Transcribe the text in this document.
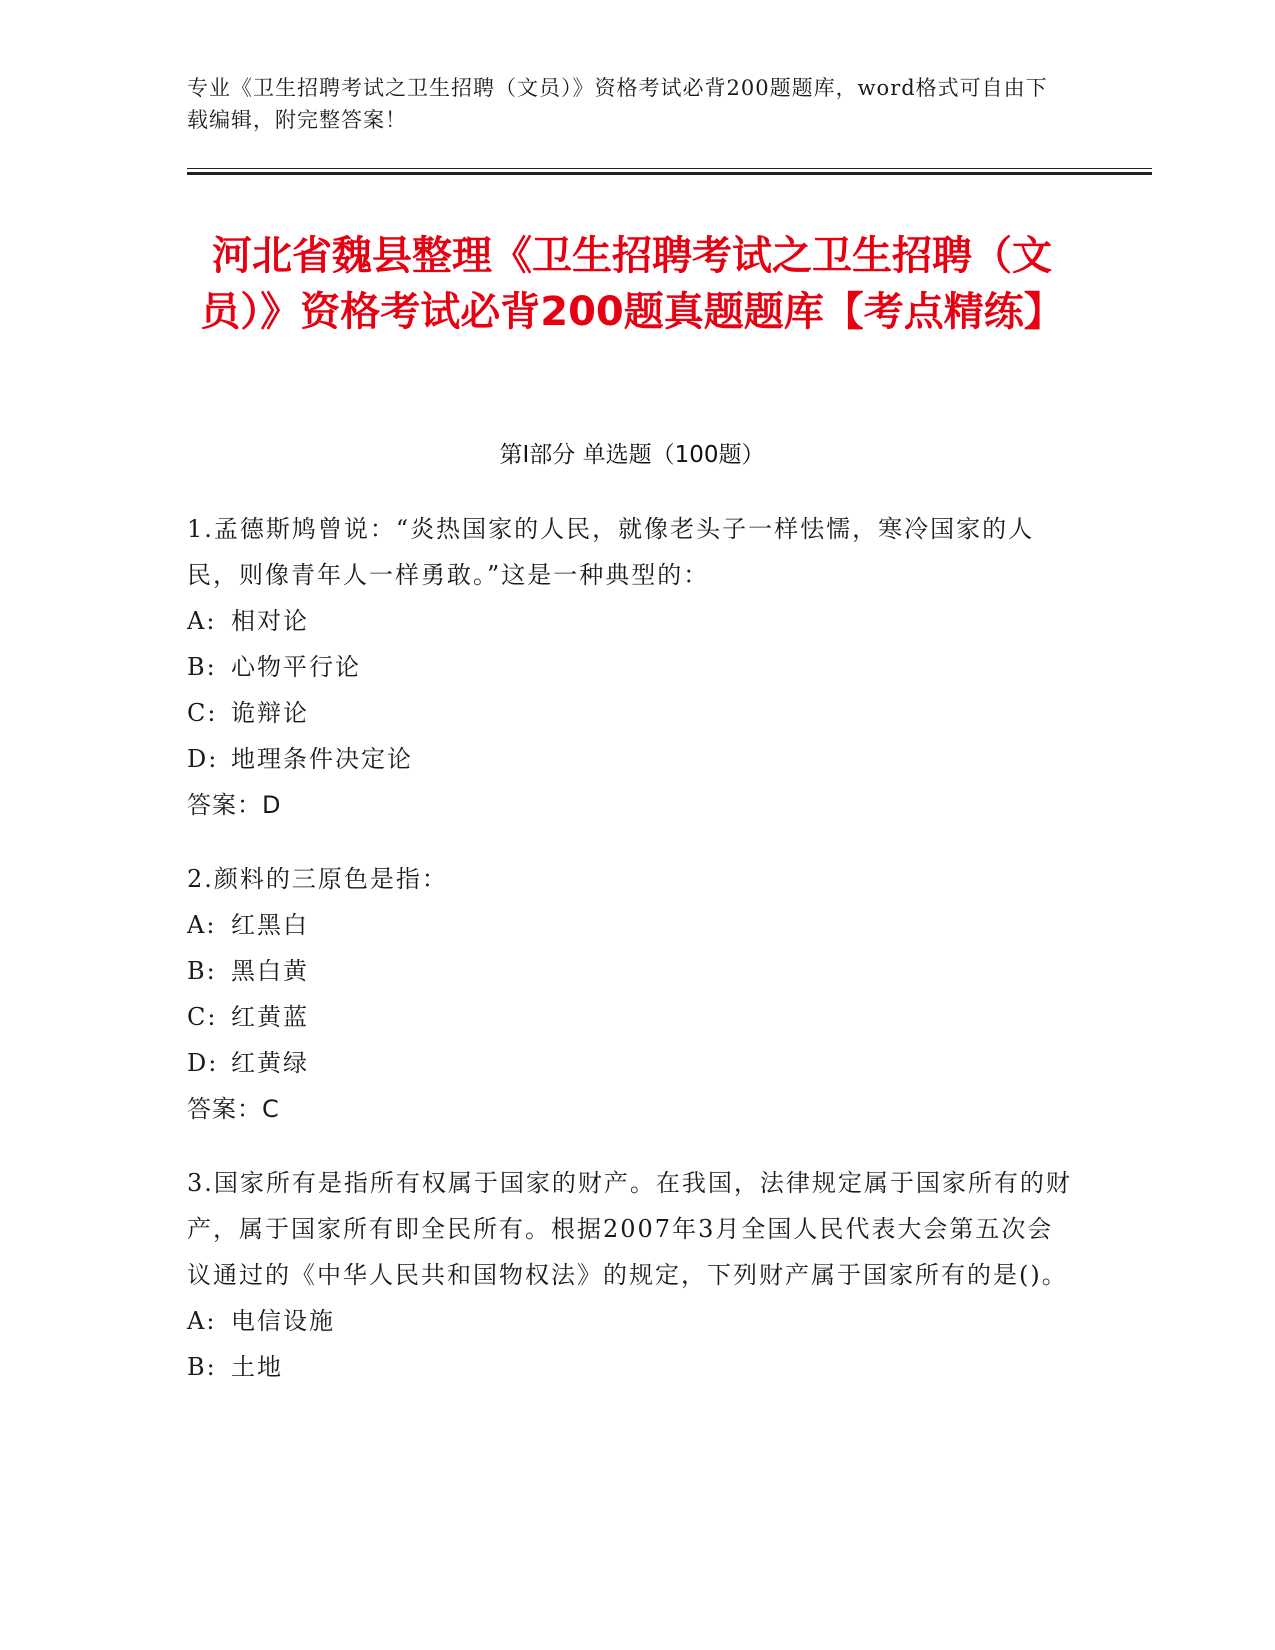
专业《卫生招聘考试之卫生招聘（文员）》资格考试必背200题题库，word格式可自由下载编辑，附完整答案！
河北省魏县整理《卫生招聘考试之卫生招聘（文员）》资格考试必背200题真题题库【考点精练】
第I部分 单选题（100题）
1.孟德斯鸠曾说：“炎热国家的人民，就像老头子一样怯懦，寒冷国家的人民，则像青年人一样勇敢。”这是一种典型的：
A: 相对论
B: 心物平行论
C: 诡辩论
D: 地理条件决定论
答案：D
2.颜料的三原色是指：
A: 红黑白
B: 黑白黄
C: 红黄蓝
D: 红黄绿
答案：C
3.国家所有是指所有权属于国家的财产。在我国，法律规定属于国家所有的财产，属于国家所有即全民所有。根据2007年3月全国人民代表大会第五次会议通过的《中华人民共和国物权法》的规定，下列财产属于国家所有的是()。
A: 电信设施
B: 土地
